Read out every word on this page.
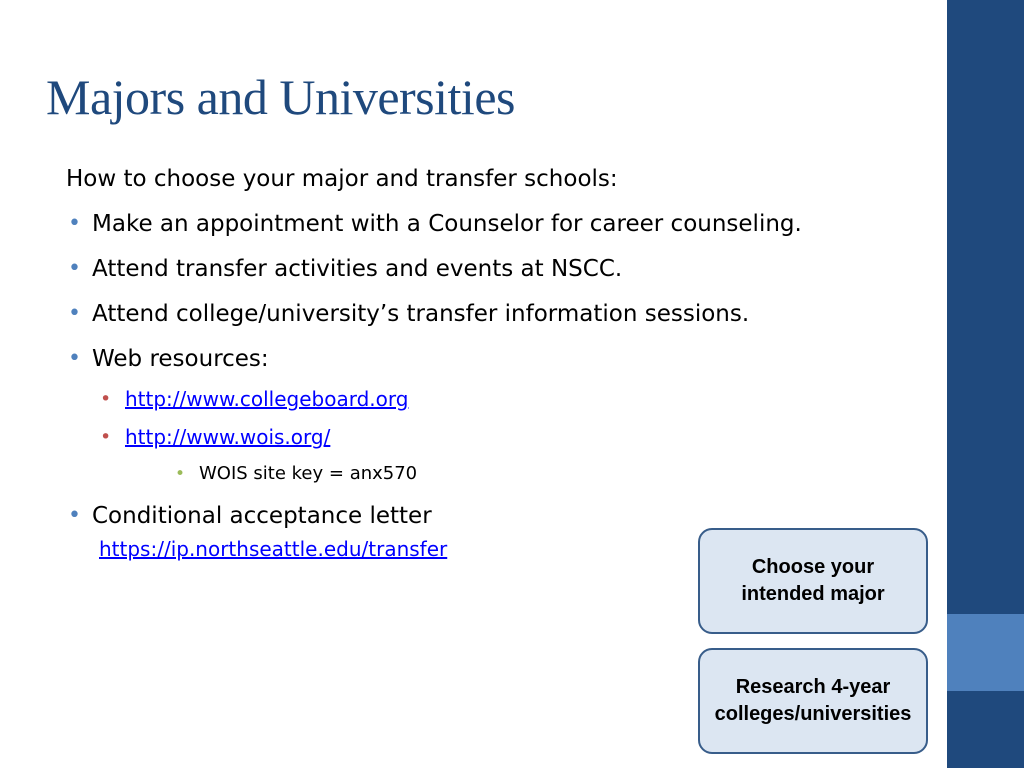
Majors and Universities

How to choose your major and transfer schools:

• Make an appointment with a Counselor for career counseling.
• Attend transfer activities and events at NSCC.
• Attend college/university’s transfer information sessions.
• Web resources:
• http://www.collegeboard.org
• http://www.wois.org/
• WOIS site key = anx570
• Conditional acceptance letter
https://ip.northseattle.edu/transfer
Choose your
intended major
Research 4-year
colleges/universities
